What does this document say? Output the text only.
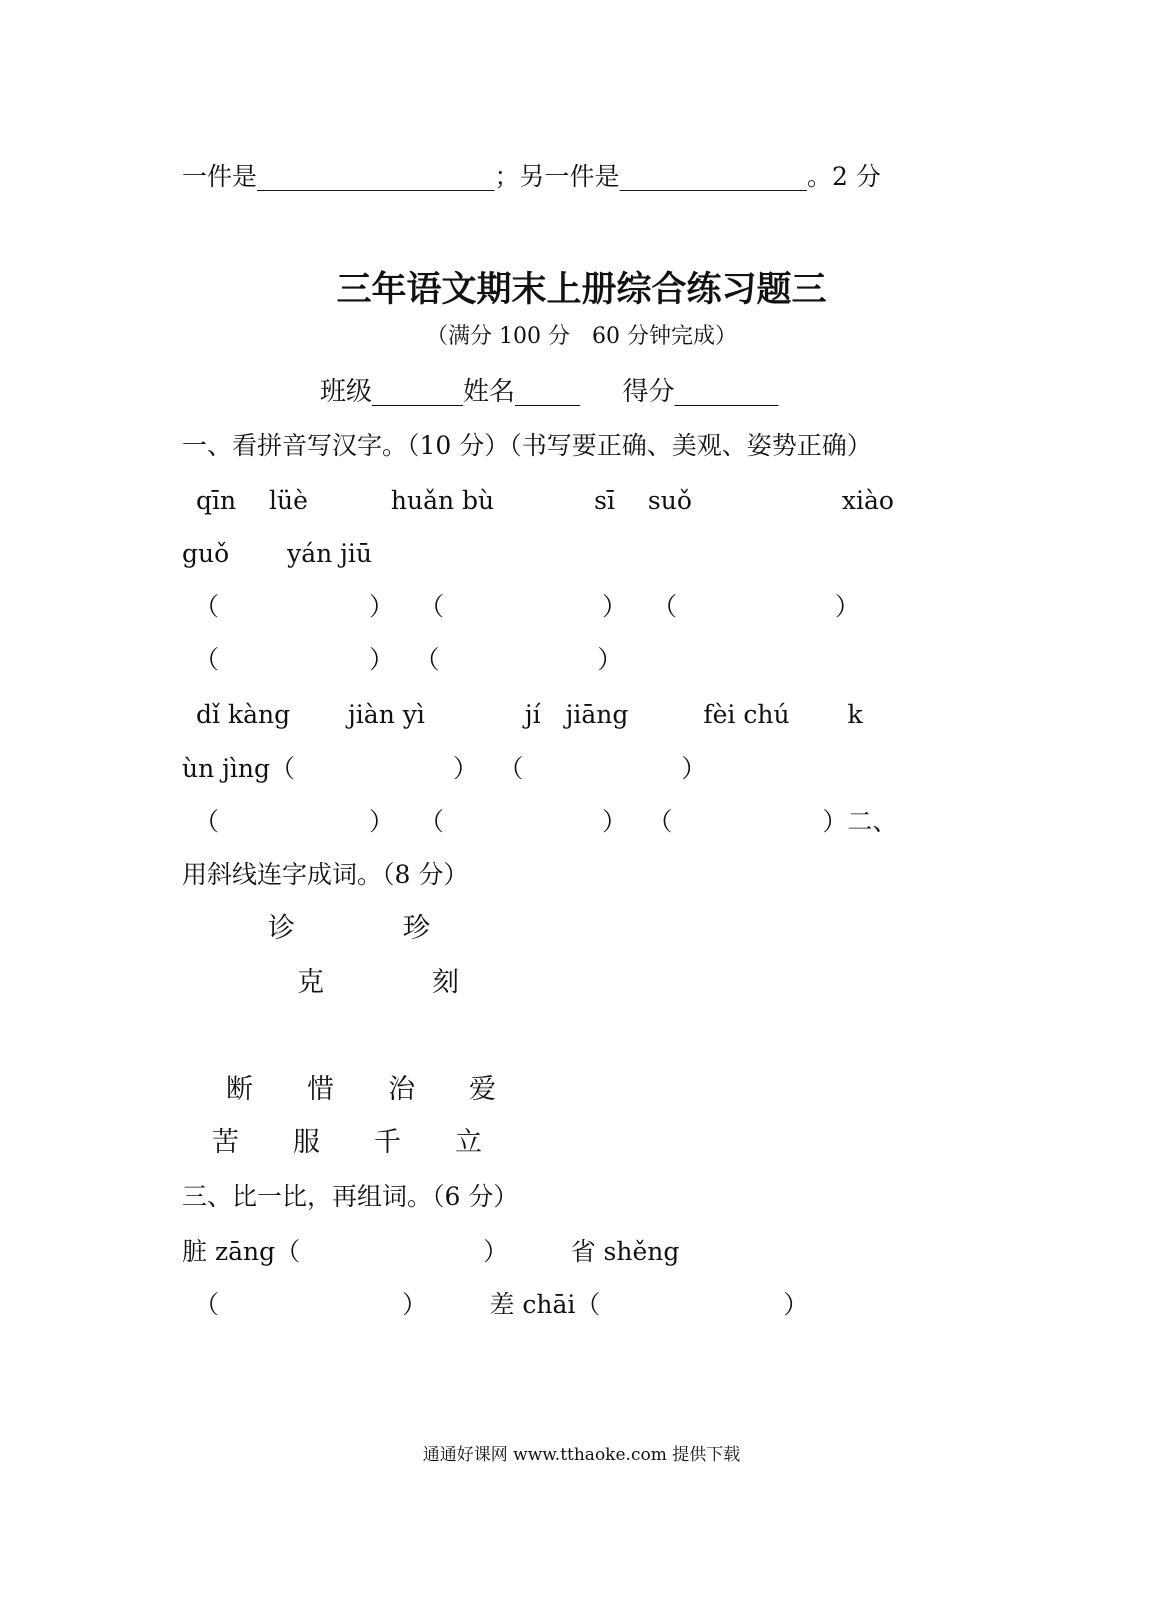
一件是___________________；另一件是_______________。2 分
三年语文期末上册综合练习题三
（满分 100 分　60 分钟完成）
班级_______姓名_____  　得分________
一、看拼音写汉字。（10 分）（书写要正确、美观、姿势正确）
qīn　 lüè　　　 huǎn bù　　　　sī　 suǒ　　　　　　xiào
guǒ　　 yán jiū
（　　　　　　）　　（　　　　　　 ）　　（　　　　　　 ）
（　　　　　　）　 （　　　　　　 ）
dǐ kàng　　 jiàn yì　　　　jí　jiāng　　　fèi chú　　 k
ùn jìng（　　　　　　 ）　 （　　　　　　 ）
（　　　　　　）　　（　　　　　　 ）　 （　　　　　　）二、
用斜线连字成词。（8 分）
诊　　　　珍
克　　　　刻
断　　惜　　治　　爱
苦　　服　　千　　立
三、比一比，再组词。（6 分）
脏 zāng（　　　　　　　 ）　　　省 shěng
（　　　　　　　 ）　　　差 chāi（　　　　　　　 ）
通通好课网 www.tthaoke.com 提供下载
